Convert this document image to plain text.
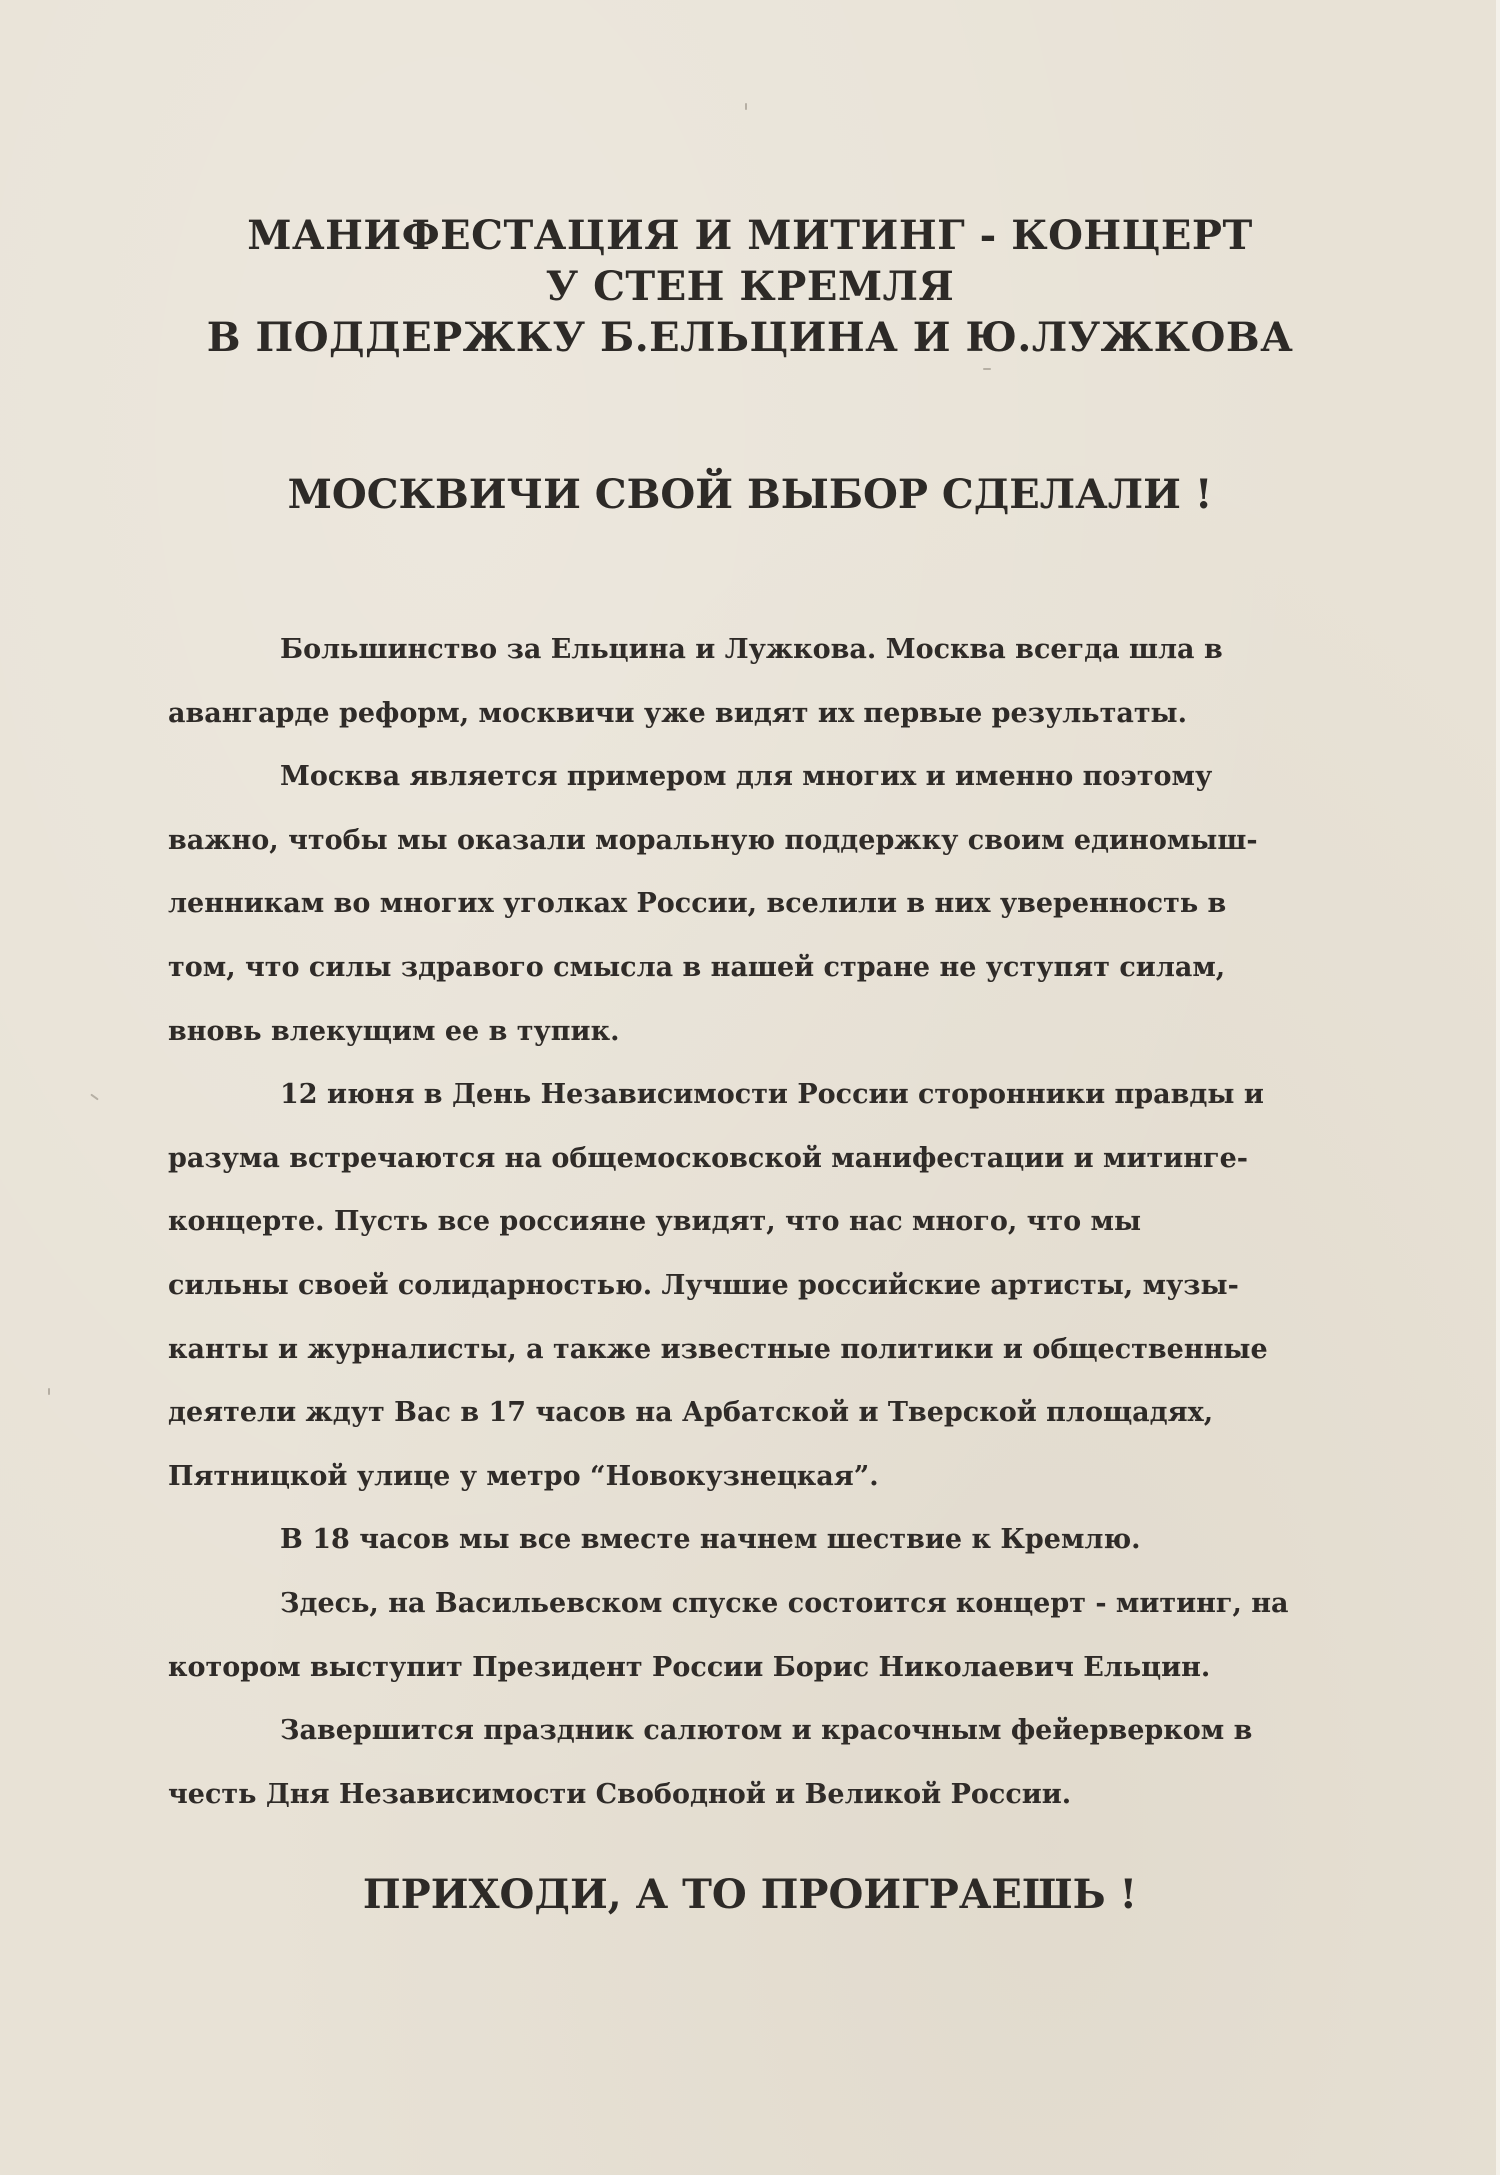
МАНИФЕСТАЦИЯ И МИТИНГ - КОНЦЕРТ
У СТЕН КРЕМЛЯ
В ПОДДЕРЖКУ Б.ЕЛЬЦИНА И Ю.ЛУЖКОВА
МОСКВИЧИ СВОЙ ВЫБОР СДЕЛАЛИ !
Большинство за Ельцина и Лужкова. Москва всегда шла в
авангарде реформ, москвичи уже видят их первые результаты.
Москва является примером для многих и именно поэтому
важно, чтобы мы оказали моральную поддержку своим единомыш-
ленникам во многих уголках России, вселили в них уверенность в
том, что силы здравого смысла в нашей стране не уступят силам,
вновь влекущим ее в тупик.
12 июня в День Независимости России сторонники правды и
разума встречаются на общемосковской манифестации и митинге-
концерте. Пусть все россияне увидят, что нас много, что мы
сильны своей солидарностью. Лучшие российские артисты, музы-
канты и журналисты, а также известные политики и общественные
деятели ждут Вас в 17 часов на Арбатской и Тверской площадях,
Пятницкой улице у метро “Новокузнецкая”.
В 18 часов мы все вместе начнем шествие к Кремлю.
Здесь, на Васильевском спуске состоится концерт - митинг, на
котором выступит Президент России Борис Николаевич Ельцин.
Завершится праздник салютом и красочным фейерверком в
честь Дня Независимости Свободной и Великой России.
ПРИХОДИ, А ТО ПРОИГРАЕШЬ !
